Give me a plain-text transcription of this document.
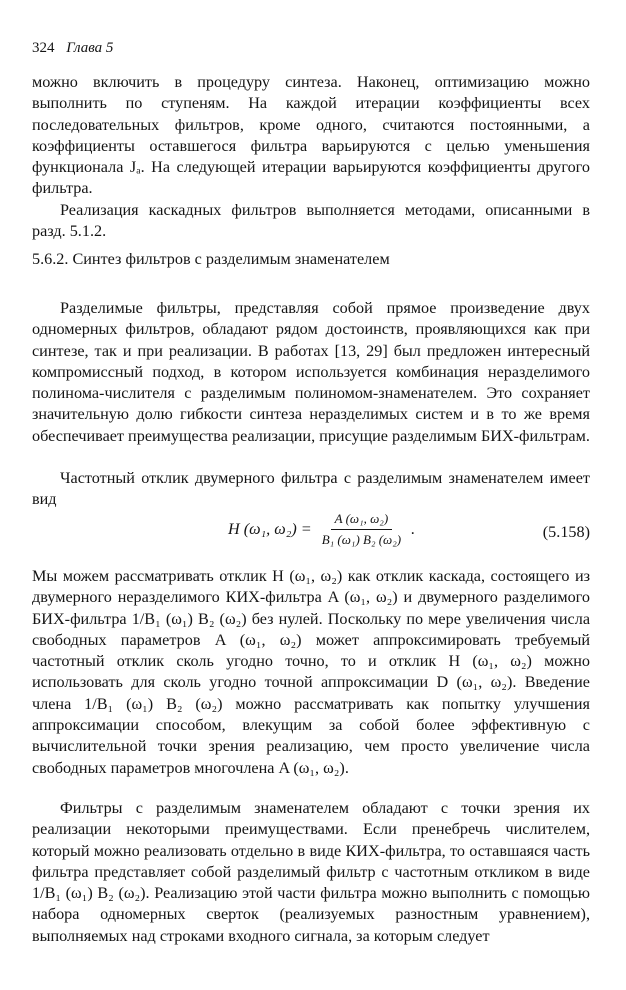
324 Глава 5

можно включить в процедуру синтеза. Наконец, оптимизацию можно выполнить по ступеням. На каждой итерации коэффициенты всех последовательных фильтров, кроме одного, считаются постоянными, а коэффициенты оставшегося фильтра варьируются с целью уменьшения функционала Jₐ. На следующей итерации варьируются коэффициенты другого фильтра.

Реализация каскадных фильтров выполняется методами, описанными в разд. 5.1.2.

5.6.2. Синтез фильтров с разделимым знаменателем

Разделимые фильтры, представляя собой прямое произведение двух одномерных фильтров, обладают рядом достоинств, проявляющихся как при синтезе, так и при реализации. В работах [13, 29] был предложен интересный компромиссный подход, в котором используется комбинация неразделимого полинома-числителя с разделимым полиномом-знаменателем. Это сохраняет значительную долю гибкости синтеза неразделимых систем и в то же время обеспечивает преимущества реализации, присущие разделимым БИХ-фильтрам.

Частотный отклик двумерного фильтра с разделимым знаменателем имеет вид

H (ω₁, $\omega_2) = \frac{\text{A (ω₁, ω₂)}}{\text{B₁ (ω₁) B₂ (ω₂)}}$ .	(5.158)

Мы можем рассматривать отклик H (ω₁, ω₂) как отклик каскада, состоящего из двумерного неразделимого КИХ-фильтра A (ω₁, ω₂) и двумерного разделимого БИХ-фильтра 1/B₁ (ω₁) B₂ (ω₂) без нулей. Поскольку по мере увеличения числа свободных параметров A (ω₁, ω₂) может аппроксимировать требуемый частотный отклик сколь угодно точно, то и отклик H (ω₁, ω₂) можно использовать для сколь угодно точной аппроксимации D (ω₁, ω₂). Введение члена 1/B₁ (ω₁) B₂ (ω₂) можно рассматривать как попытку улучшения аппроксимации способом, влекущим за собой более эффективную с вычислительной точки зрения реализацию, чем просто увеличение числа свободных параметров многочлена A (ω₁, ω₂).

Фильтры с разделимым знаменателем обладают с точки зрения их реализации некоторыми преимуществами. Если пренебречь числителем, который можно реализовать отдельно в виде КИХ-фильтра, то оставшаяся часть фильтра представляет собой разделимый фильтр с частотным откликом в виде 1/B₁ (ω₁) B₂ (ω₂). Реализацию этой части фильтра можно выполнить с помощью набора одномерных сверток (реализуемых разностным уравнением), выполняемых над строками входного сигнала, за которым следует
